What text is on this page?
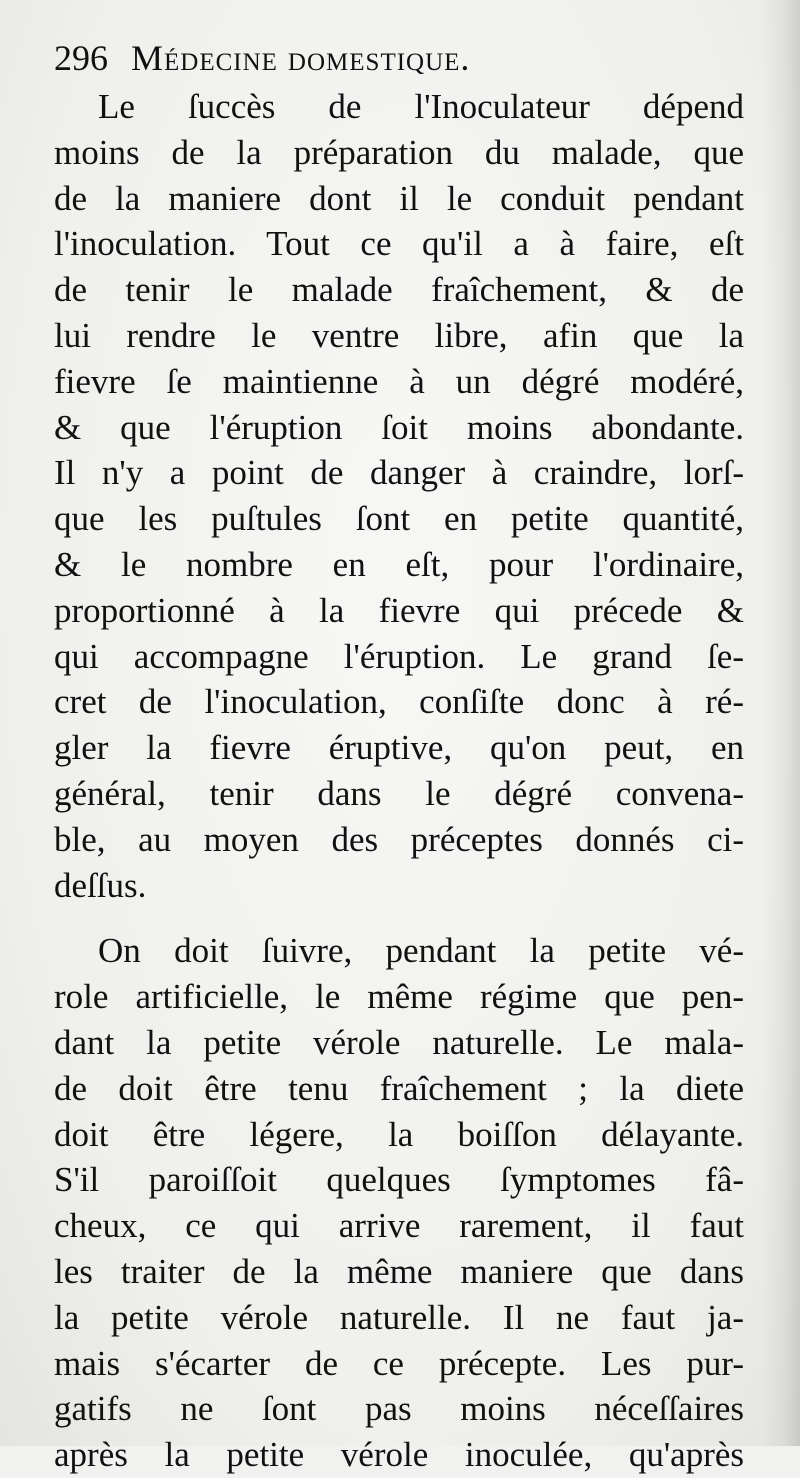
296 Médecine domestique.
Le ſuccès de l'Inoculateur dépend
moins de la préparation du malade, que
de la maniere dont il le conduit pendant
l'inoculation. Tout ce qu'il a à faire, eſt
de tenir le malade fraîchement, & de
lui rendre le ventre libre, afin que la
fievre ſe maintienne à un dégré modéré,
& que l'éruption ſoit moins abondante.
Il n'y a point de danger à craindre, lorſ-
que les puſtules ſont en petite quantité,
& le nombre en eſt, pour l'ordinaire,
proportionné à la fievre qui précede &
qui accompagne l'éruption. Le grand ſe-
cret de l'inoculation, conſiſte donc à ré-
gler la fievre éruptive, qu'on peut, en
général, tenir dans le dégré convena-
ble, au moyen des préceptes donnés ci-
deſſus.
On doit ſuivre, pendant la petite vé-
role artificielle, le même régime que pen-
dant la petite vérole naturelle. Le mala-
de doit être tenu fraîchement ; la diete
doit être légere, la boiſſon délayante.
S'il paroiſſoit quelques ſymptomes fâ-
cheux, ce qui arrive rarement, il faut
les traiter de la même maniere que dans
la petite vérole naturelle. Il ne faut ja-
mais s'écarter de ce précepte. Les pur-
gatifs ne ſont pas moins néceſſaires
après la petite vérole inoculée, qu'après
